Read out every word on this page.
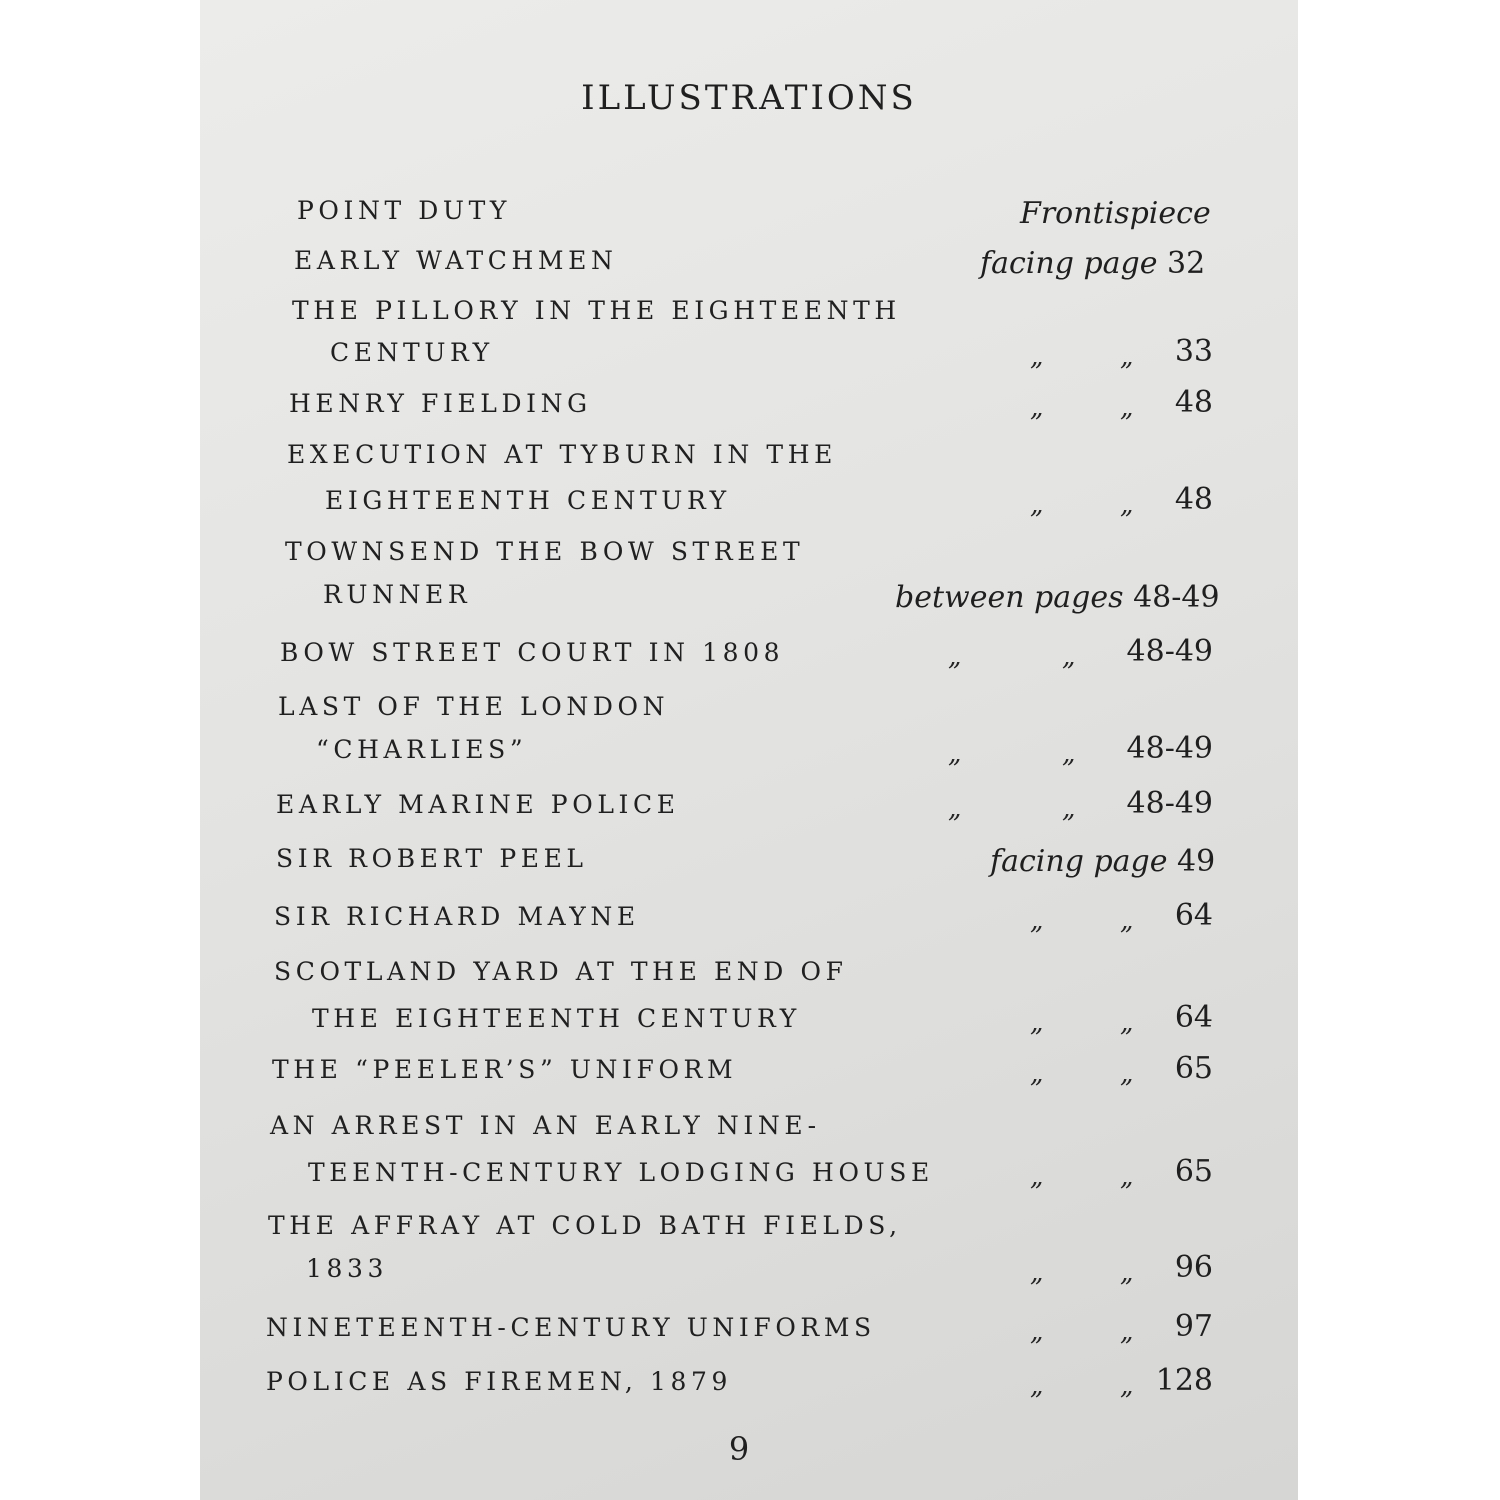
ILLUSTRATIONS
POINT DUTY	Frontispiece
EARLY WATCHMEN	facing page 32
THE PILLORY IN THE EIGHTEENTH
CENTURY	„	„	33
HENRY FIELDING	„	„	48
EXECUTION AT TYBURN IN THE
EIGHTEENTH CENTURY	„	„	48
TOWNSEND THE BOW STREET
RUNNER	between pages 48-49
BOW STREET COURT IN 1808	„	„	48-49
LAST OF THE LONDON
“CHARLIES”	„	„	48-49
EARLY MARINE POLICE	„	„	48-49
SIR ROBERT PEEL	facing page 49
SIR RICHARD MAYNE	„	„	64
SCOTLAND YARD AT THE END OF
THE EIGHTEENTH CENTURY	„	„	64
THE “PEELER’S” UNIFORM	„	„	65
AN ARREST IN AN EARLY NINE-
TEENTH-CENTURY LODGING HOUSE	„	„	65
THE AFFRAY AT COLD BATH FIELDS,
1833	„	„	96
NINETEENTH-CENTURY UNIFORMS	„	„	97
POLICE AS FIREMEN, 1879	„	„ 128
9
